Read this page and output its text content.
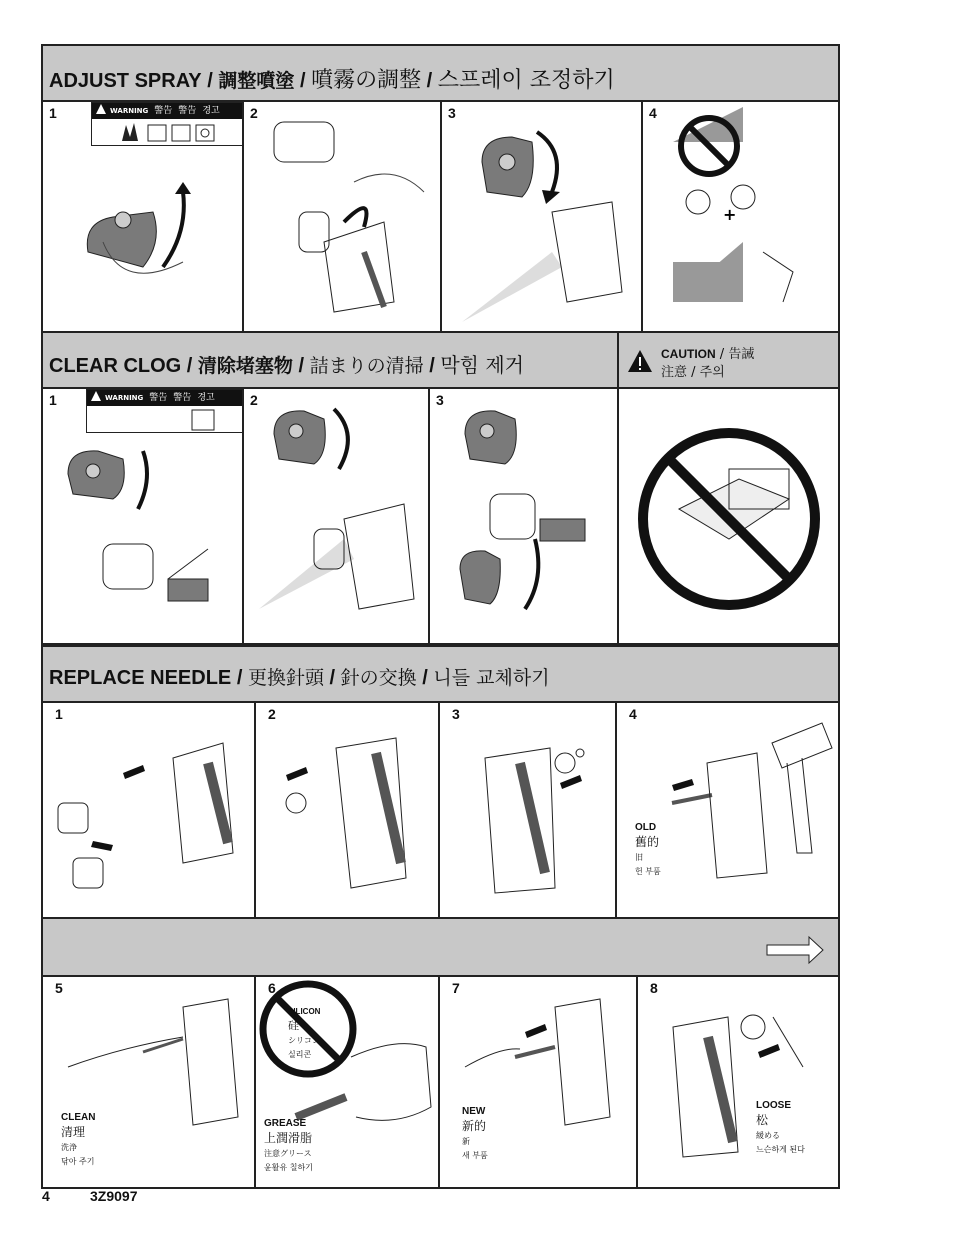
ADJUST SPRAY / 調整噴塗 / 噴霧の調整 / 스프레이 조정하기
1	WARNING 警告 警告 경고	2	3	4
+
CLEAR CLOG / 清除堵塞物 / 詰まりの清掃 / 막힘 제거	CAUTION / 告誡
注意 / 주의
1	WARNING 警告 警告 경고	2	3
REPLACE NEEDLE / 更換針頭 / 針の交換 / 니들 교체하기
1	2	3	4
OLD
舊的
旧
헌 부품
5
CLEAN
清理
洗浄
닦아 주기
6
SILICON
硅
シリコン
실리콘
GREASE
上潤滑脂
注意グリース
윤활유 칠하기
7
NEW
新的
新
새 부품
8
LOOSE
松
緩める
느슨하게 된다
4	3Z9097
